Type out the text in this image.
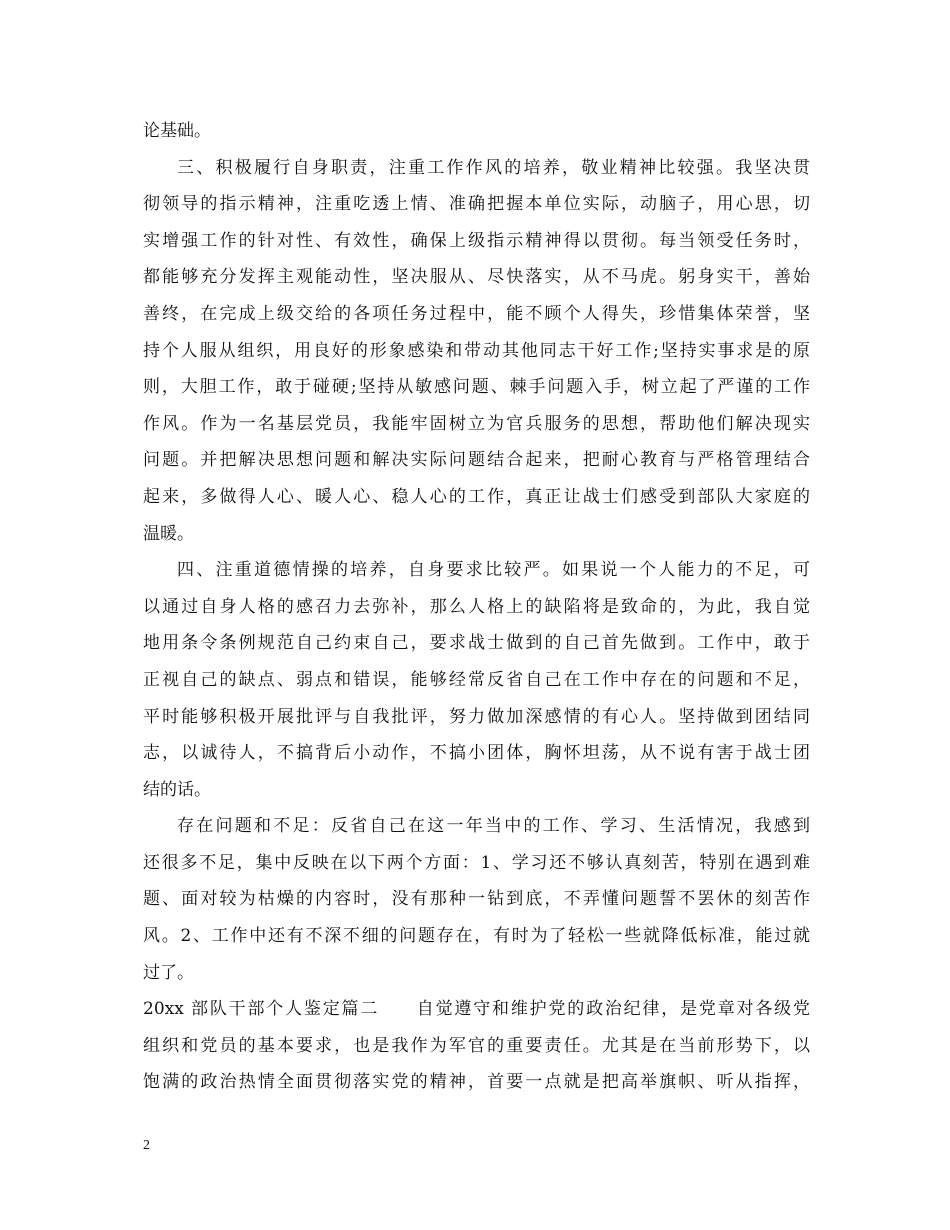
论基础。
三、积极履行自身职责，注重工作作风的培养，敬业精神比较强。我坚决贯
彻领导的指示精神，注重吃透上情、准确把握本单位实际，动脑子，用心思，切
实增强工作的针对性、有效性，确保上级指示精神得以贯彻。每当领受任务时，
都能够充分发挥主观能动性，坚决服从、尽快落实，从不马虎。躬身实干，善始
善终，在完成上级交给的各项任务过程中，能不顾个人得失，珍惜集体荣誉，坚
持个人服从组织，用良好的形象感染和带动其他同志干好工作;坚持实事求是的原
则，大胆工作，敢于碰硬;坚持从敏感问题、棘手问题入手，树立起了严谨的工作
作风。作为一名基层党员，我能牢固树立为官兵服务的思想，帮助他们解决现实
问题。并把解决思想问题和解决实际问题结合起来，把耐心教育与严格管理结合
起来，多做得人心、暖人心、稳人心的工作，真正让战士们感受到部队大家庭的
温暖。
四、注重道德情操的培养，自身要求比较严。如果说一个人能力的不足，可
以通过自身人格的感召力去弥补，那么人格上的缺陷将是致命的，为此，我自觉
地用条令条例规范自己约束自己，要求战士做到的自己首先做到。工作中，敢于
正视自己的缺点、弱点和错误，能够经常反省自己在工作中存在的问题和不足，
平时能够积极开展批评与自我批评，努力做加深感情的有心人。坚持做到团结同
志，以诚待人，不搞背后小动作，不搞小团体，胸怀坦荡，从不说有害于战士团
结的话。
存在问题和不足：反省自己在这一年当中的工作、学习、生活情况，我感到
还很多不足，集中反映在以下两个方面：1、学习还不够认真刻苦，特别在遇到难
题、面对较为枯燥的内容时，没有那种一钻到底，不弄懂问题誓不罢休的刻苦作
风。2、工作中还有不深不细的问题存在，有时为了轻松一些就降低标准，能过就
过了。
20xx 部队干部个人鉴定篇二　　自觉遵守和维护党的政治纪律，是党章对各级党
组织和党员的基本要求，也是我作为军官的重要责任。尤其是在当前形势下，以
饱满的政治热情全面贯彻落实党的精神，首要一点就是把高举旗帜、听从指挥，
2
